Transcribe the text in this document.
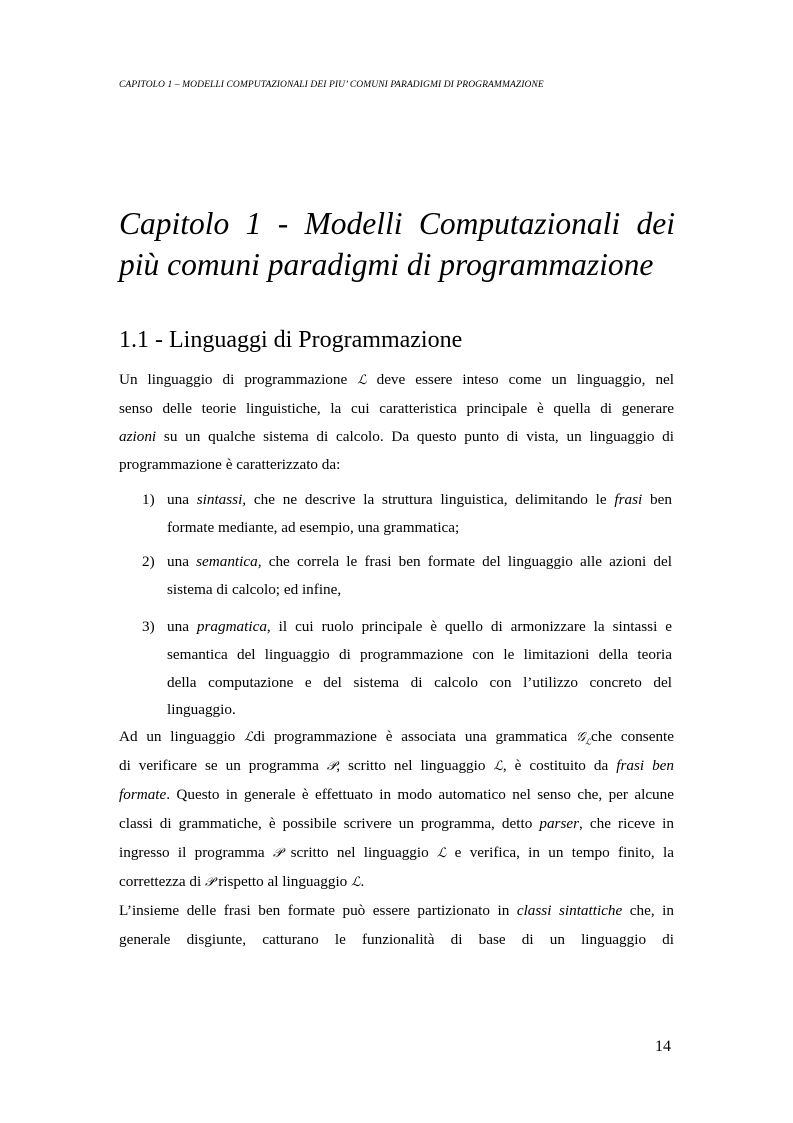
CAPITOLO 1 – MODELLI COMPUTAZIONALI DEI PIU’ COMUNI PARADIGMI DI PROGRAMMAZIONE
Capitolo 1 - Modelli Computazionali dei
più comuni paradigmi di programmazione
1.1 - Linguaggi di Programmazione
Un linguaggio di programmazione ℒ deve essere inteso come un linguaggio, nel
senso delle teorie linguistiche, la cui caratteristica principale è quella di generare
azioni su un qualche sistema di calcolo. Da questo punto di vista, un linguaggio di
programmazione è caratterizzato da:
1) una sintassi, che ne descrive la struttura linguistica, delimitando le frasi ben
formate mediante, ad esempio, una grammatica;
2) una semantica, che correla le frasi ben formate del linguaggio alle azioni del
sistema di calcolo; ed infine,
3) una pragmatica, il cui ruolo principale è quello di armonizzare la sintassi e
semantica del linguaggio di programmazione con le limitazioni della teoria
della computazione e del sistema di calcolo con l’utilizzo concreto del
linguaggio.
Ad un linguaggio ℒdi programmazione è associata una grammatica 𝒢$_ℒ$che consente
di verificare se un programma 𝒫, scritto nel linguaggio ℒ, è costituito da frasi ben
formate. Questo in generale è effettuato in modo automatico nel senso che, per alcune
classi di grammatiche, è possibile scrivere un programma, detto parser, che riceve in
ingresso il programma 𝒫 scritto nel linguaggio ℒ e verifica, in un tempo finito, la
correttezza di 𝒫 rispetto al linguaggio ℒ.
L’insieme delle frasi ben formate può essere partizionato in classi sintattiche che, in
generale disgiunte, catturano le funzionalità di base di un linguaggio di
14
